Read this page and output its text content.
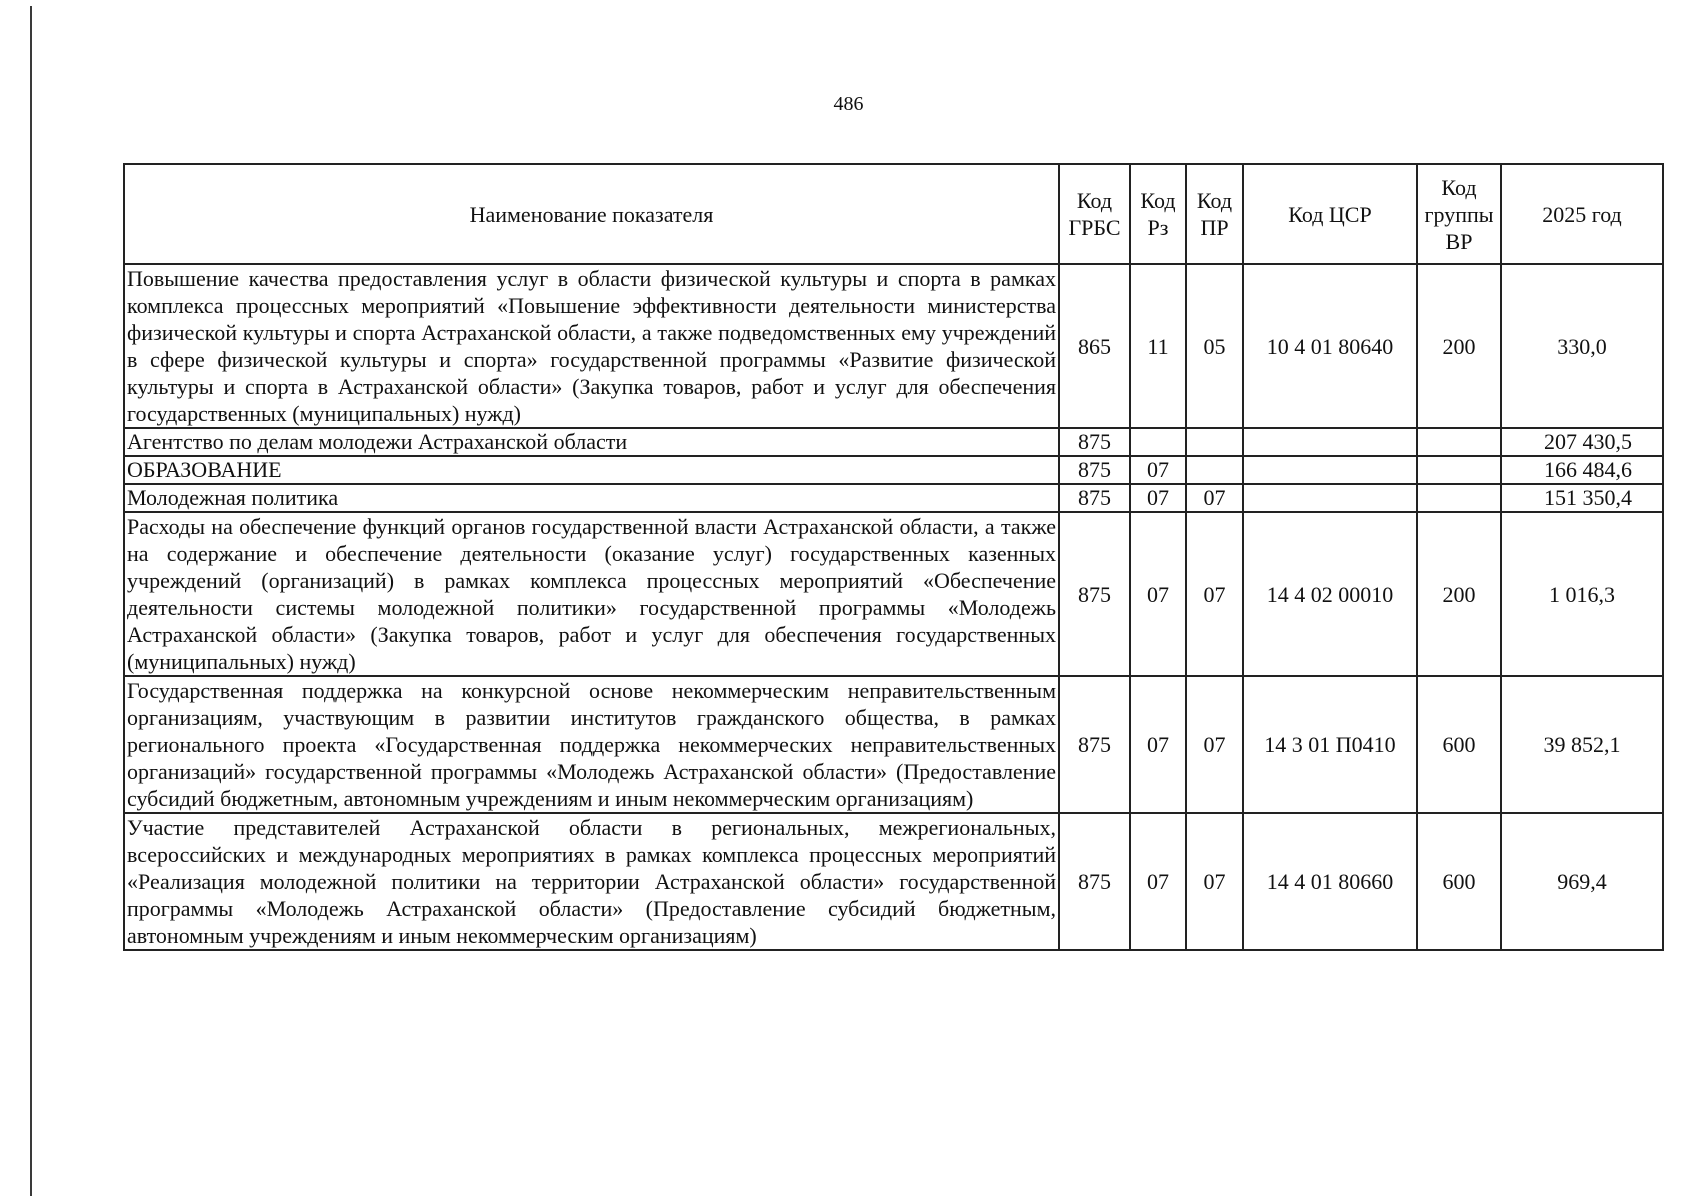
486
Наименование показателя	Код ГРБС	Код Рз	Код ПР	Код ЦСР	Код группы ВР	2025 год
Повышение качества предоставления услуг в области физической культуры и спорта в рамках комплекса процессных мероприятий «Повышение эффективности деятельности министерства физической культуры и спорта Астраханской области, а также подведомственных ему учреждений в сфере физической культуры и спорта» государственной программы «Развитие физической культуры и спорта в Астраханской области» (Закупка товаров, работ и услуг для обеспечения государственных (муниципальных) нужд)	865	11	05	10 4 01 80640	200	330,0
Агентство по делам молодежи Астраханской области	875					207 430,5
ОБРАЗОВАНИЕ	875	07				166 484,6
Молодежная политика	875	07	07			151 350,4
Расходы на обеспечение функций органов государственной власти Астраханской области, а также на содержание и обеспечение деятельности (оказание услуг) государственных казенных учреждений (организаций) в рамках комплекса процессных мероприятий «Обеспечение деятельности системы молодежной политики» государственной программы «Молодежь Астраханской области» (Закупка товаров, работ и услуг для обеспечения государственных (муниципальных) нужд)	875	07	07	14 4 02 00010	200	1 016,3
Государственная поддержка на конкурсной основе некоммерческим неправительственным организациям, участвующим в развитии институтов гражданского общества, в рамках регионального проекта «Государственная поддержка некоммерческих неправительственных организаций» государственной программы «Молодежь Астраханской области» (Предоставление субсидий бюджетным, автономным учреждениям и иным некоммерческим организациям)	875	07	07	14 3 01 П0410	600	39 852,1
Участие представителей Астраханской области в региональных, межрегиональных, всероссийских и международных мероприятиях в рамках комплекса процессных мероприятий «Реализация молодежной политики на территории Астраханской области» государственной программы «Молодежь Астраханской области» (Предоставление субсидий бюджетным, автономным учреждениям и иным некоммерческим организациям)	875	07	07	14 4 01 80660	600	969,4
